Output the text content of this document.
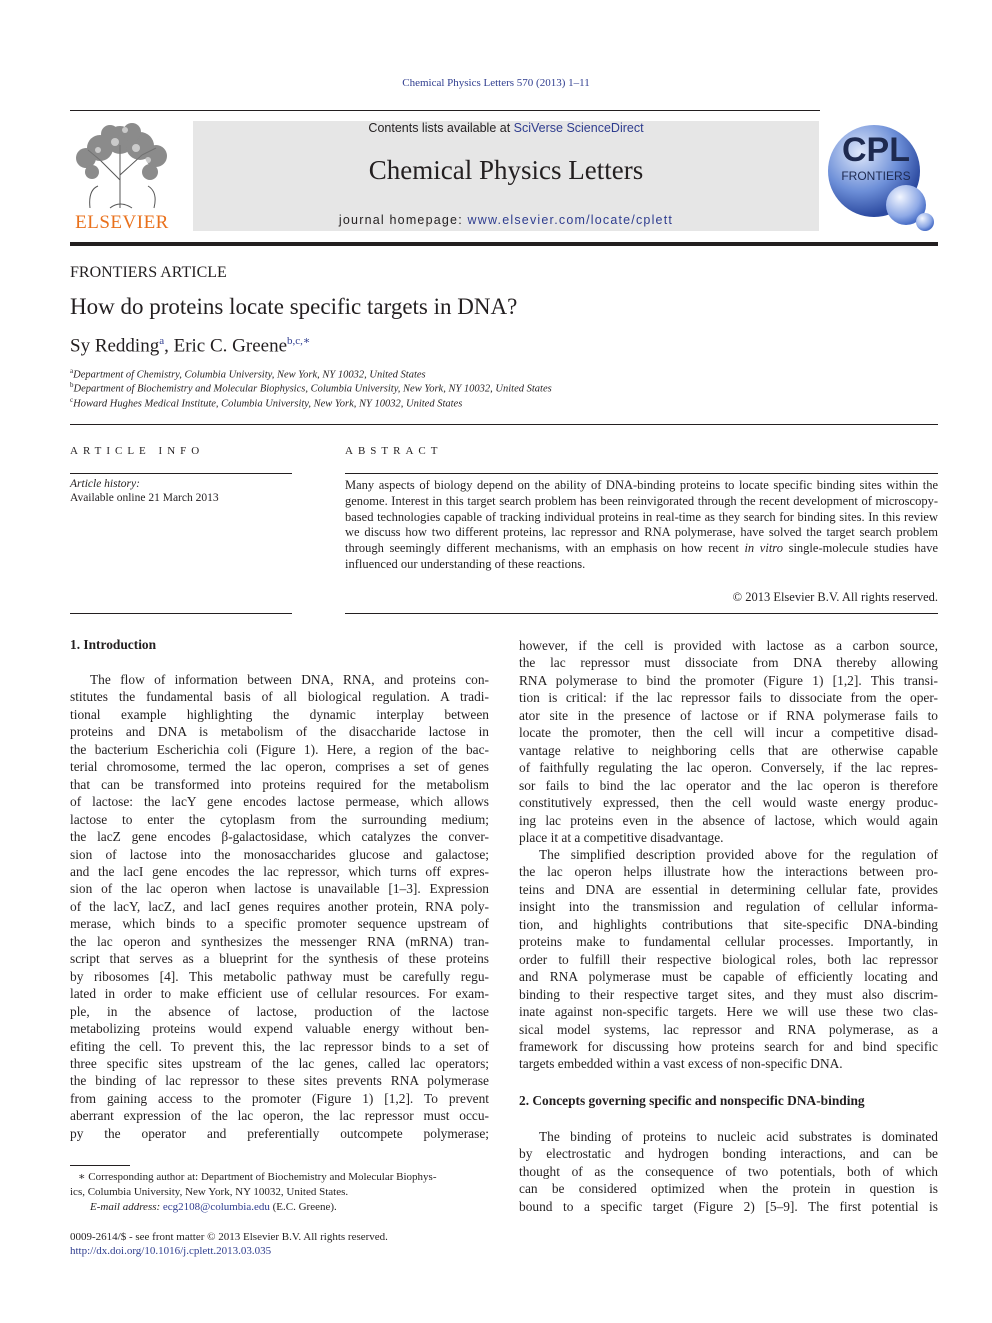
Chemical Physics Letters 570 (2013) 1–11
ELSEVIER
Contents lists available at SciVerse ScienceDirect
Chemical Physics Letters
journal homepage: www.elsevier.com/locate/cplett
CPL
FRONTIERS
FRONTIERS ARTICLE
How do proteins locate specific targets in DNA?
Sy Redding$^a$, Eric C. Greene$^{b,c,∗}$
$^a$Department of Chemistry, Columbia University, New York, NY 10032, United States
$^b$Department of Biochemistry and Molecular Biophysics, Columbia University, New York, NY 10032, United States
$^c$Howard Hughes Medical Institute, Columbia University, New York, NY 10032, United States
ARTICLE INFO
Article history:
Available online 21 March 2013
ABSTRACT
Many aspects of biology depend on the ability of DNA-binding proteins to locate specific binding sites within the genome. Interest in this target search problem has been reinvigorated through the recent development of microscopy-based technologies capable of tracking individual proteins in real-time as they search for binding sites. In this review we discuss how two different proteins, lac repressor and RNA polymerase, have solved the target search problem through seemingly different mechanisms, with an emphasis on how recent in vitro single-molecule studies have influenced our understanding of these reactions.
© 2013 Elsevier B.V. All rights reserved.
1. Introduction
The flow of information between DNA, RNA, and proteins con-
stitutes the fundamental basis of all biological regulation. A tradi-
tional example highlighting the dynamic interplay between
proteins and DNA is metabolism of the disaccharide lactose in
the bacterium Escherichia coli (Figure 1). Here, a region of the bac-
terial chromosome, termed the lac operon, comprises a set of genes
that can be transformed into proteins required for the metabolism
of lactose: the lacY gene encodes lactose permease, which allows
lactose to enter the cytoplasm from the surrounding medium;
the lacZ gene encodes β-galactosidase, which catalyzes the conver-
sion of lactose into the monosaccharides glucose and galactose;
and the lacI gene encodes the lac repressor, which turns off expres-
sion of the lac operon when lactose is unavailable [1–3]. Expression
of the lacY, lacZ, and lacI genes requires another protein, RNA poly-
merase, which binds to a specific promoter sequence upstream of
the lac operon and synthesizes the messenger RNA (mRNA) tran-
script that serves as a blueprint for the synthesis of these proteins
by ribosomes [4]. This metabolic pathway must be carefully regu-
lated in order to make efficient use of cellular resources. For exam-
ple, in the absence of lactose, production of the lactose
metabolizing proteins would expend valuable energy without ben-
efiting the cell. To prevent this, the lac repressor binds to a set of
three specific sites upstream of the lac genes, called lac operators;
the binding of lac repressor to these sites prevents RNA polymerase
from gaining access to the promoter (Figure 1) [1,2]. To prevent
aberrant expression of the lac operon, the lac repressor must occu-
py the operator and preferentially outcompete polymerase;
∗ Corresponding author at: Department of Biochemistry and Molecular Biophys-
ics, Columbia University, New York, NY 10032, United States.
E-mail address: ecg2108@columbia.edu (E.C. Greene).
0009-2614/$ - see front matter © 2013 Elsevier B.V. All rights reserved.
http://dx.doi.org/10.1016/j.cplett.2013.03.035
however, if the cell is provided with lactose as a carbon source,
the lac repressor must dissociate from DNA thereby allowing
RNA polymerase to bind the promoter (Figure 1) [1,2]. This transi-
tion is critical: if the lac repressor fails to dissociate from the oper-
ator site in the presence of lactose or if RNA polymerase fails to
locate the promoter, then the cell will incur a competitive disad-
vantage relative to neighboring cells that are otherwise capable
of faithfully regulating the lac operon. Conversely, if the lac repres-
sor fails to bind the lac operator and the lac operon is therefore
constitutively expressed, then the cell would waste energy produc-
ing lac proteins even in the absence of lactose, which would again
place it at a competitive disadvantage.
The simplified description provided above for the regulation of
the lac operon helps illustrate how the interactions between pro-
teins and DNA are essential in determining cellular fate, provides
insight into the transmission and regulation of cellular informa-
tion, and highlights contributions that site-specific DNA-binding
proteins make to fundamental cellular processes. Importantly, in
order to fulfill their respective biological roles, both lac repressor
and RNA polymerase must be capable of efficiently locating and
binding to their respective target sites, and they must also discrim-
inate against non-specific targets. Here we will use these two clas-
sical model systems, lac repressor and RNA polymerase, as a
framework for discussing how proteins search for and bind specific
targets embedded within a vast excess of non-specific DNA.
2. Concepts governing specific and nonspecific DNA-binding
The binding of proteins to nucleic acid substrates is dominated
by electrostatic and hydrogen bonding interactions, and can be
thought of as the consequence of two potentials, both of which
can be considered optimized when the protein in question is
bound to a specific target (Figure 2) [5–9]. The first potential is
